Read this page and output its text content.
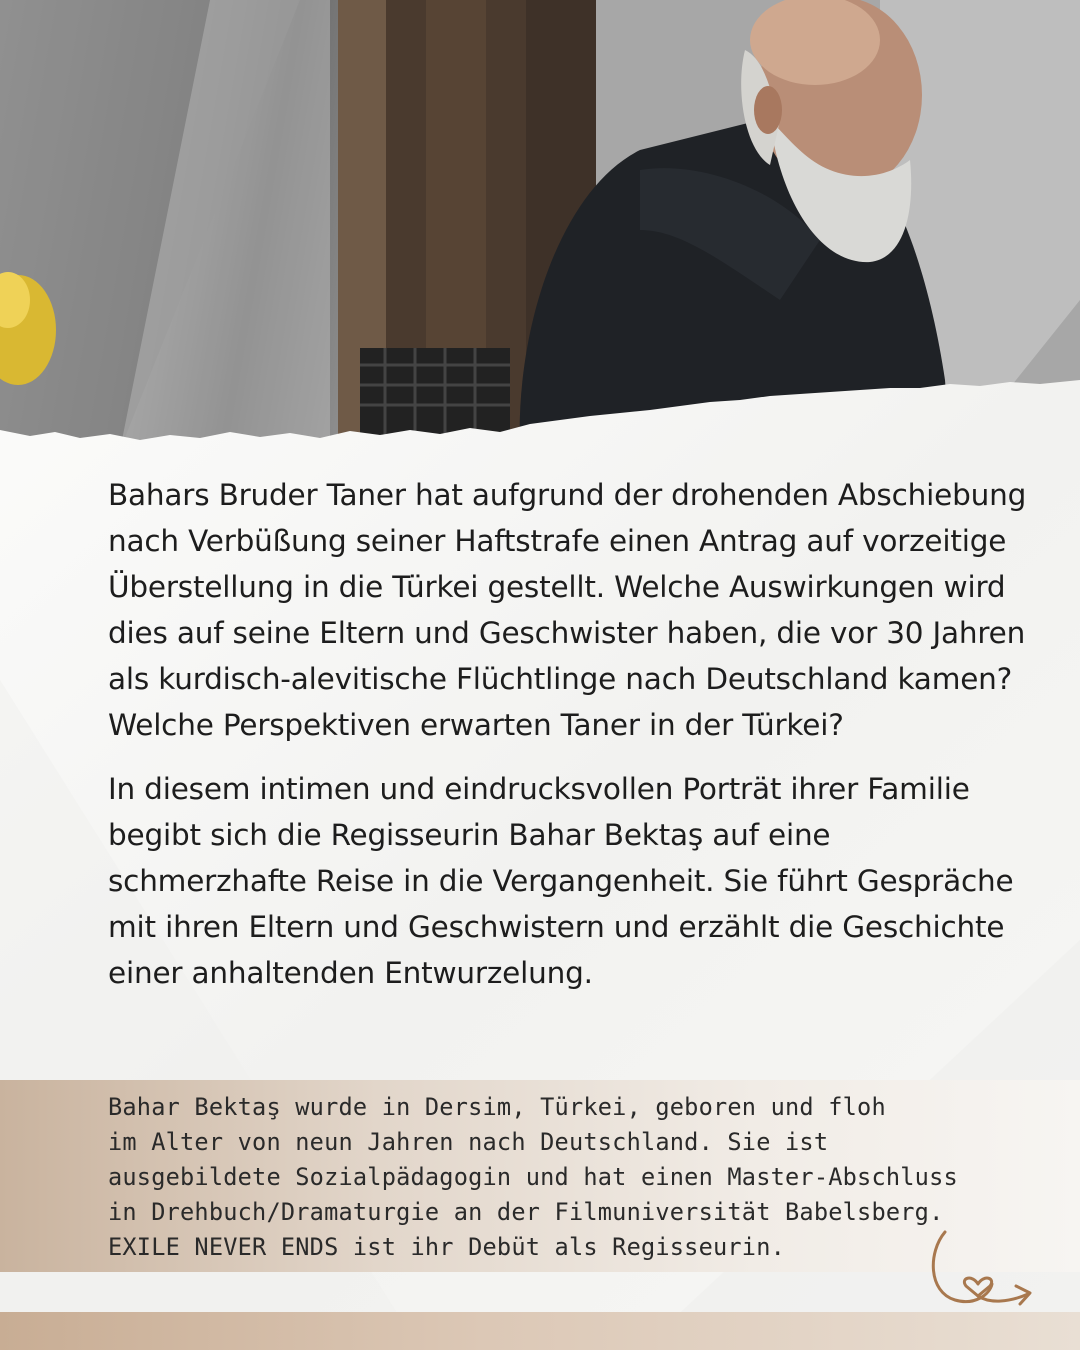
Bahars Bruder Taner hat aufgrund der drohenden Abschiebung nach Verbüßung seiner Haftstrafe einen Antrag auf vorzeitige Überstellung in die Türkei gestellt. Welche Auswirkungen wird dies auf seine Eltern und Geschwister haben, die vor 30 Jahren als kurdisch-alevitische Flüchtlinge nach Deutschland kamen? Welche Perspektiven erwarten Taner in der Türkei?

In diesem intimen und eindrucksvollen Porträt ihrer Familie begibt sich die Regisseurin Bahar Bektaş auf eine schmerzhafte Reise in die Vergangenheit. Sie führt Gespräche mit ihren Eltern und Geschwistern und erzählt die Geschichte einer anhaltenden Entwurzelung.

Bahar Bektaş wurde in Dersim, Türkei, geboren und floh
im Alter von neun Jahren nach Deutschland. Sie ist
ausgebildete Sozialpädagogin und hat einen Master-Abschluss
in Drehbuch/Dramaturgie an der Filmuniversität Babelsberg.
EXILE NEVER ENDS ist ihr Debüt als Regisseurin.
